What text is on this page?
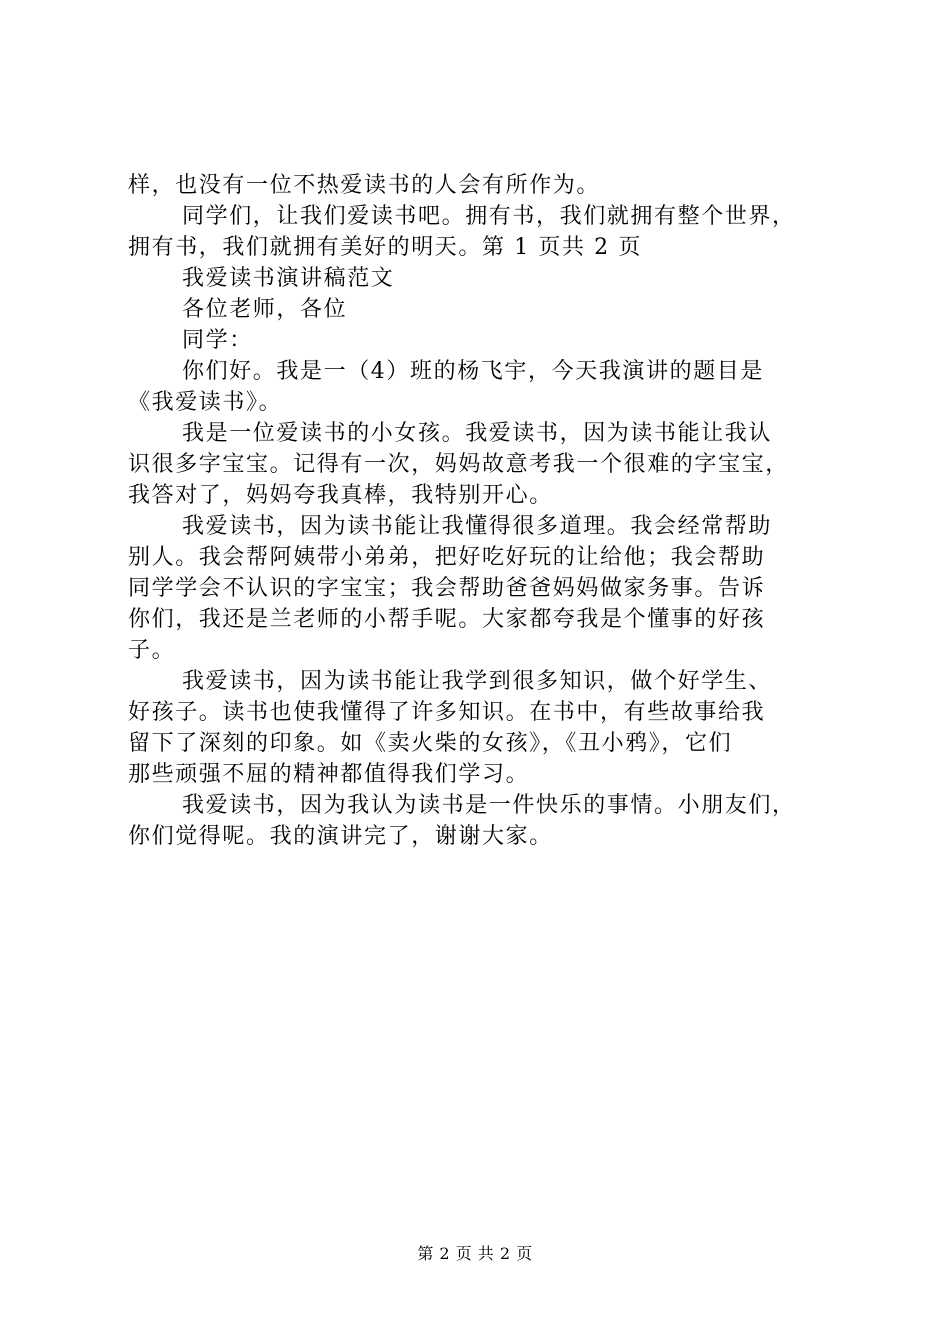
样，也没有一位不热爱读书的人会有所作为。
同学们，让我们爱读书吧。拥有书，我们就拥有整个世界，
拥有书，我们就拥有美好的明天。第 1 页共 2 页
我爱读书演讲稿范文
各位老师，各位
同学：
你们好。我是一（4）班的杨飞宇，今天我演讲的题目是
《我爱读书》。
我是一位爱读书的小女孩。我爱读书，因为读书能让我认
识很多字宝宝。记得有一次，妈妈故意考我一个很难的字宝宝，
我答对了，妈妈夸我真棒，我特别开心。
我爱读书，因为读书能让我懂得很多道理。我会经常帮助
别人。我会帮阿姨带小弟弟，把好吃好玩的让给他；我会帮助
同学学会不认识的字宝宝；我会帮助爸爸妈妈做家务事。告诉
你们，我还是兰老师的小帮手呢。大家都夸我是个懂事的好孩
子。
我爱读书，因为读书能让我学到很多知识，做个好学生、
好孩子。读书也使我懂得了许多知识。在书中，有些故事给我
留下了深刻的印象。如《卖火柴的女孩》，《丑小鸦》，它们
那些顽强不屈的精神都值得我们学习。
我爱读书，因为我认为读书是一件快乐的事情。小朋友们，
你们觉得呢。我的演讲完了，谢谢大家。
第 2 页 共 2 页
